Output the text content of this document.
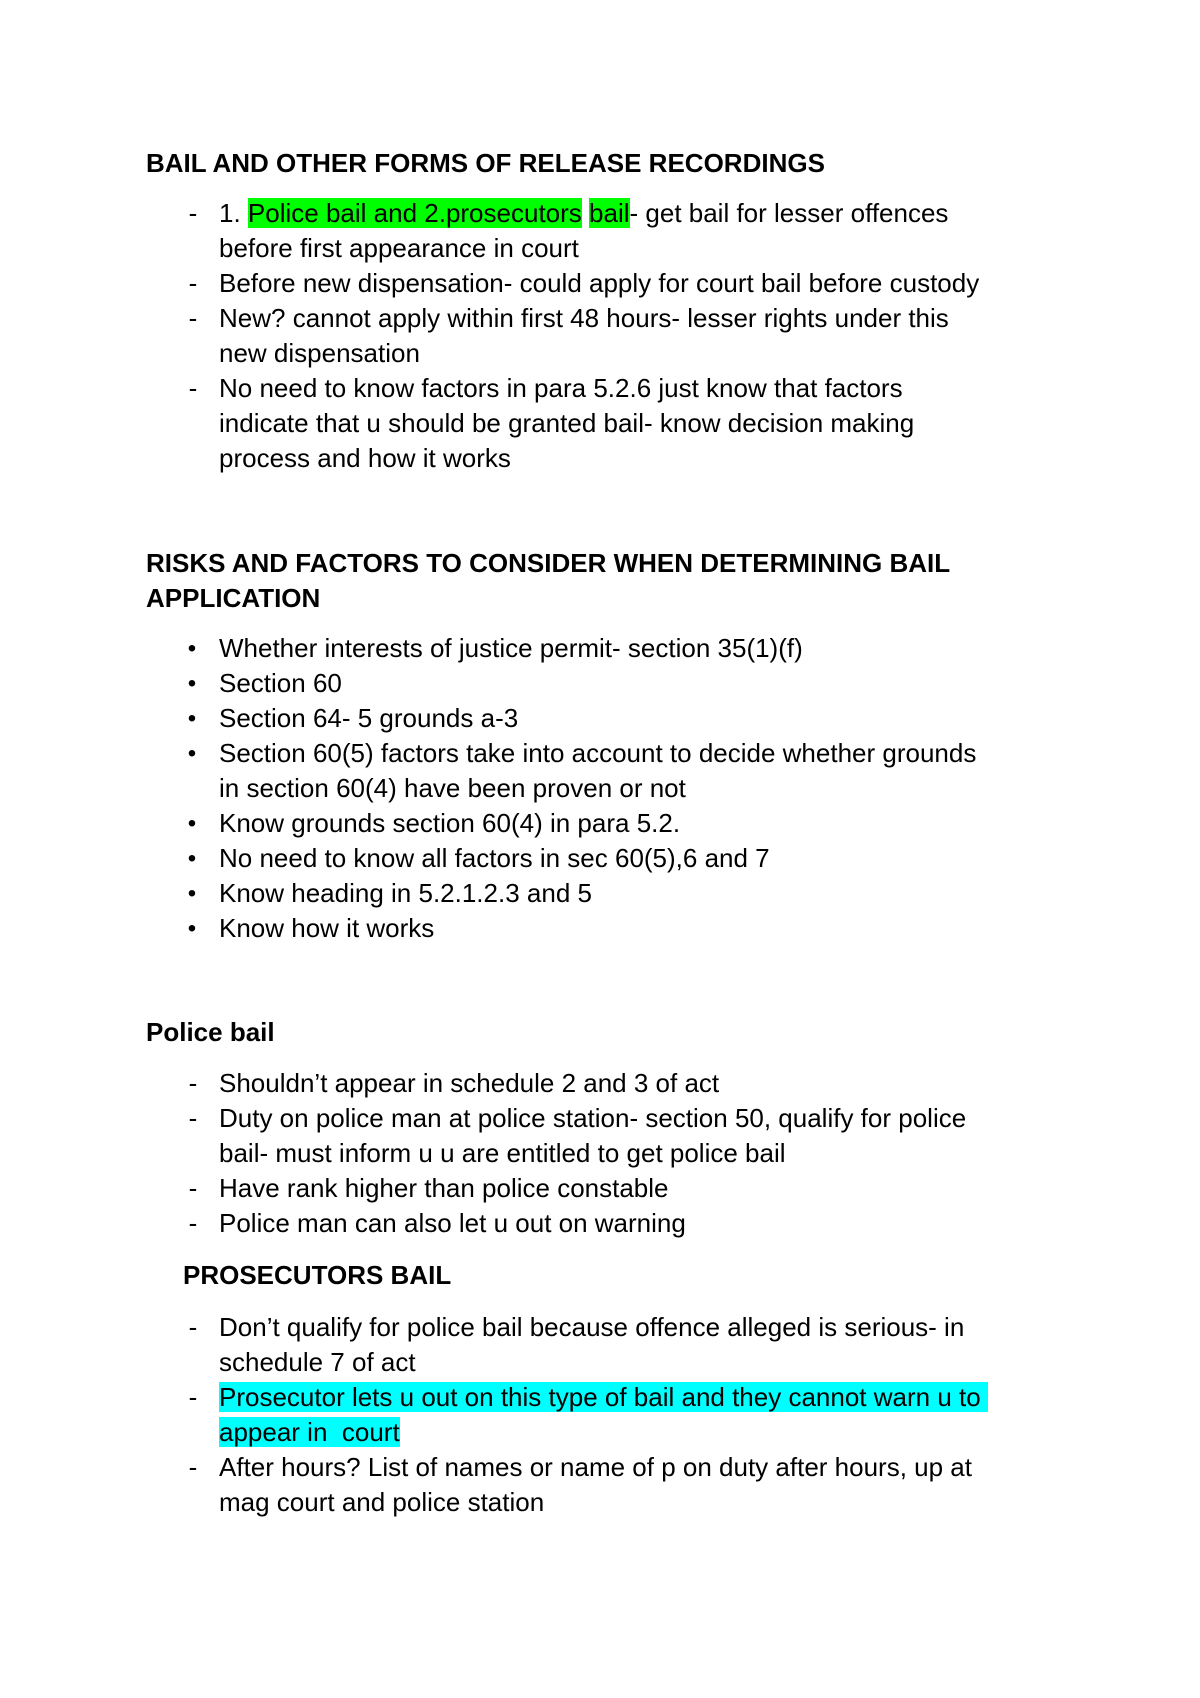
BAIL AND OTHER FORMS OF RELEASE RECORDINGS
- 1. Police bail and 2.prosecutors bail- get bail for lesser offences
before first appearance in court
- Before new dispensation- could apply for court bail before custody
- New? cannot apply within first 48 hours- lesser rights under this
new dispensation
- No need to know factors in para 5.2.6 just know that factors
indicate that u should be granted bail- know decision making
process and how it works
RISKS AND FACTORS TO CONSIDER WHEN DETERMINING BAIL
APPLICATION
• Whether interests of justice permit- section 35(1)(f)
• Section 60
• Section 64- 5 grounds a-3
• Section 60(5) factors take into account to decide whether grounds
in section 60(4) have been proven or not
• Know grounds section 60(4) in para 5.2.
• No need to know all factors in sec 60(5),6 and 7
• Know heading in 5.2.1.2.3 and 5
• Know how it works
Police bail
- Shouldn’t appear in schedule 2 and 3 of act
- Duty on police man at police station- section 50, qualify for police
bail- must inform u u are entitled to get police bail
- Have rank higher than police constable
- Police man can also let u out on warning
PROSECUTORS BAIL
- Don’t qualify for police bail because offence alleged is serious- in
schedule 7 of act
- Prosecutor lets u out on this type of bail and they cannot warn u to
appear in  court
- After hours? List of names or name of p on duty after hours, up at
mag court and police station
